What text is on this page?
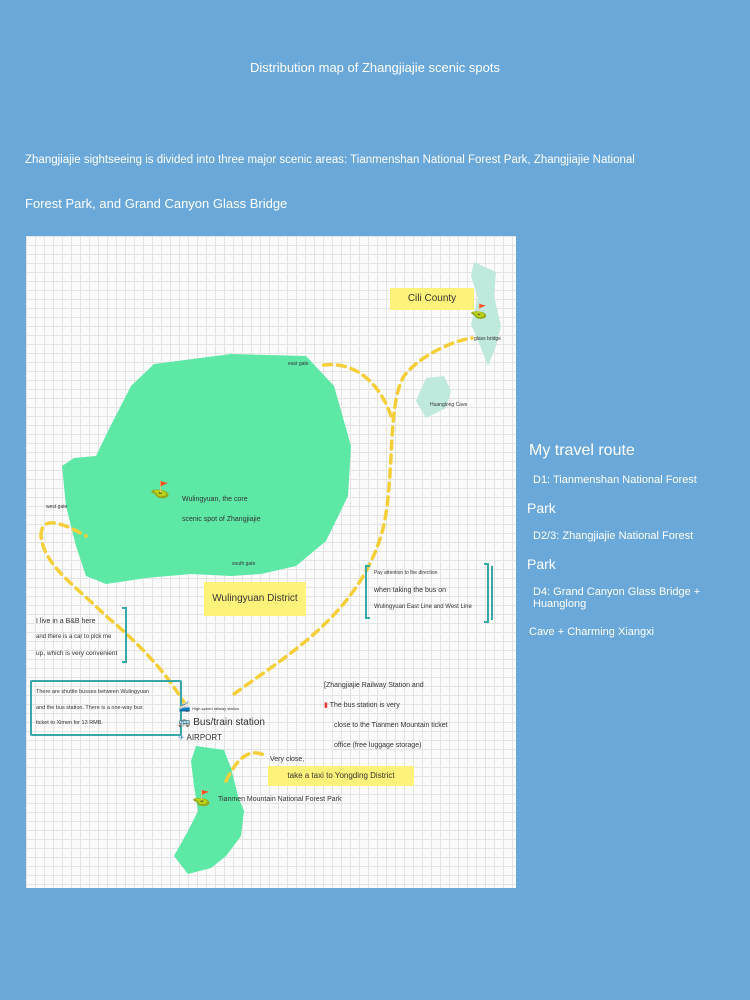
Distribution map of Zhangjiajie scenic spots
Zhangjiajie sightseeing is divided into three major scenic areas: Tianmenshan National Forest Park, Zhangjiajie National
Forest Park, and Grand Canyon Glass Bridge
Cili County
⛳
glass bridge
Huanglong Cave
east gate
west gate
south gate
⛳
Wulingyuan, the core
scenic spot of Zhangjiajie
Wulingyuan District
Pay attention to the direction
when taking the bus on
Wulingyuan East Line and West Line
I live in a B&B here
and there is a car to pick me
up, which is very convenient
There are shuttle busses between Wulingyuan
and the bus station. There is a one-way bus
ticket to Ximen for 13 RMB.
[Zhangjiajie Railway Station and
▮ The bus station is very
close to the Tianmen Mountain ticket
office (free luggage storage)
🚄 High-speed railway station
🚌 Bus/train station
✈ AIRPORT
Very close,
take a taxi to Yongding District
⛳ Tianmen Mountain National Forest Park
My travel route
D1: Tianmenshan National Forest
Park
D2/3: Zhangjiajie National Forest
Park
D4: Grand Canyon Glass Bridge + Huanglong
Cave + Charming Xiangxi
